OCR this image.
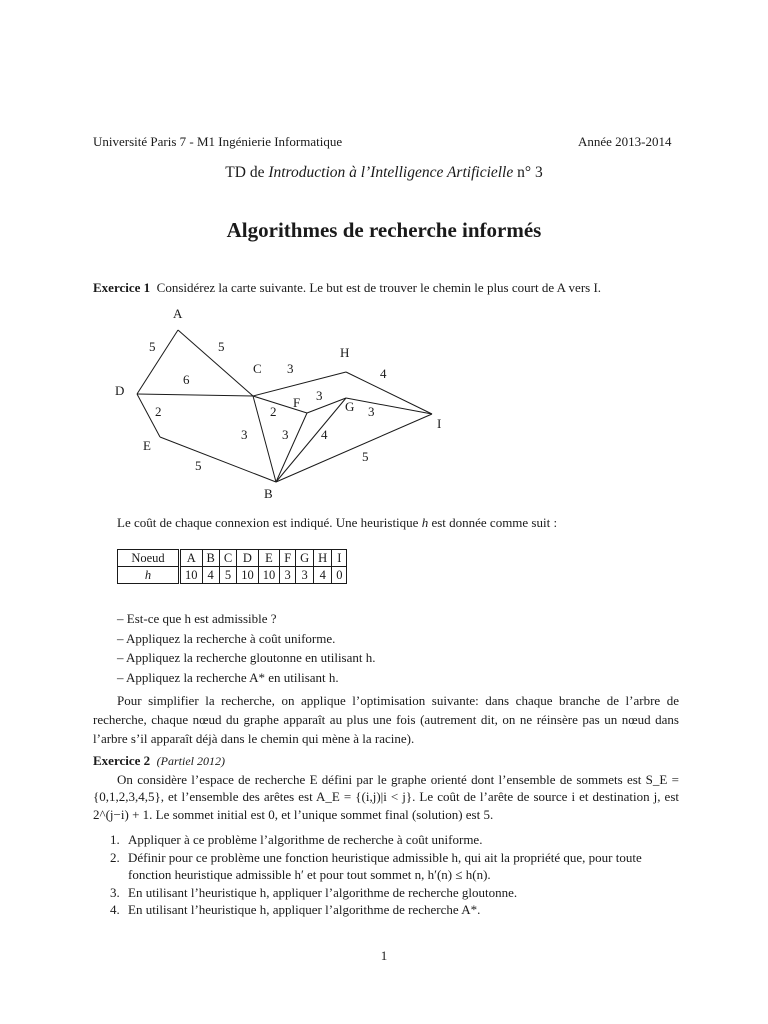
Université Paris 7 - M1 Ingénierie Informatique	Année 2013-2014
TD de Introduction à l’Intelligence Artificielle n° 3
Algorithmes de recherche informés
Exercice 1 Considérez la carte suivante. Le but est de trouver le chemin le plus court de A vers I.
A
B
C
D
E
F	G
H
I
5	5
6
2
3	3
5
3	4
3
2
4
3
5
Le coût de chaque connexion est indiqué. Une heuristique h est donnée comme suit :
Noeud	A	B	C	D	E	F	G	H	I
h	10	4	5	10	10	3	3	4	0
– Est-ce que h est admissible ?
– Appliquez la recherche à coût uniforme.
– Appliquez la recherche gloutonne en utilisant h.
– Appliquez la recherche A* en utilisant h.

Pour simplifier la recherche, on applique l’optimisation suivante: dans chaque branche de l’arbre de recherche, chaque nœud du graphe apparaît au plus une fois (autrement dit, on ne réinsère pas un nœud dans l’arbre s’il apparaît déjà dans le chemin qui mène à la racine).

Exercice 2 (Partiel 2012)

On considère l’espace de recherche E défini par le graphe orienté dont l’ensemble de sommets est S_E = {0,1,2,3,4,5}, et l’ensemble des arêtes est A_E = {(i,j)|i < j}. Le coût de l’arête de source i et destination j, est 2^(j−i) + 1. Le sommet initial est 0, et l’unique sommet final (solution) est 5.

1. Appliquer à ce problème l’algorithme de recherche à coût uniforme.
2. Définir pour ce problème une fonction heuristique admissible h, qui ait la propriété que, pour toute fonction heuristique admissible h′ et pour tout sommet n, h′(n) ≤ h(n).
3. En utilisant l’heuristique h, appliquer l’algorithme de recherche gloutonne.
4. En utilisant l’heuristique h, appliquer l’algorithme de recherche A*.
1
